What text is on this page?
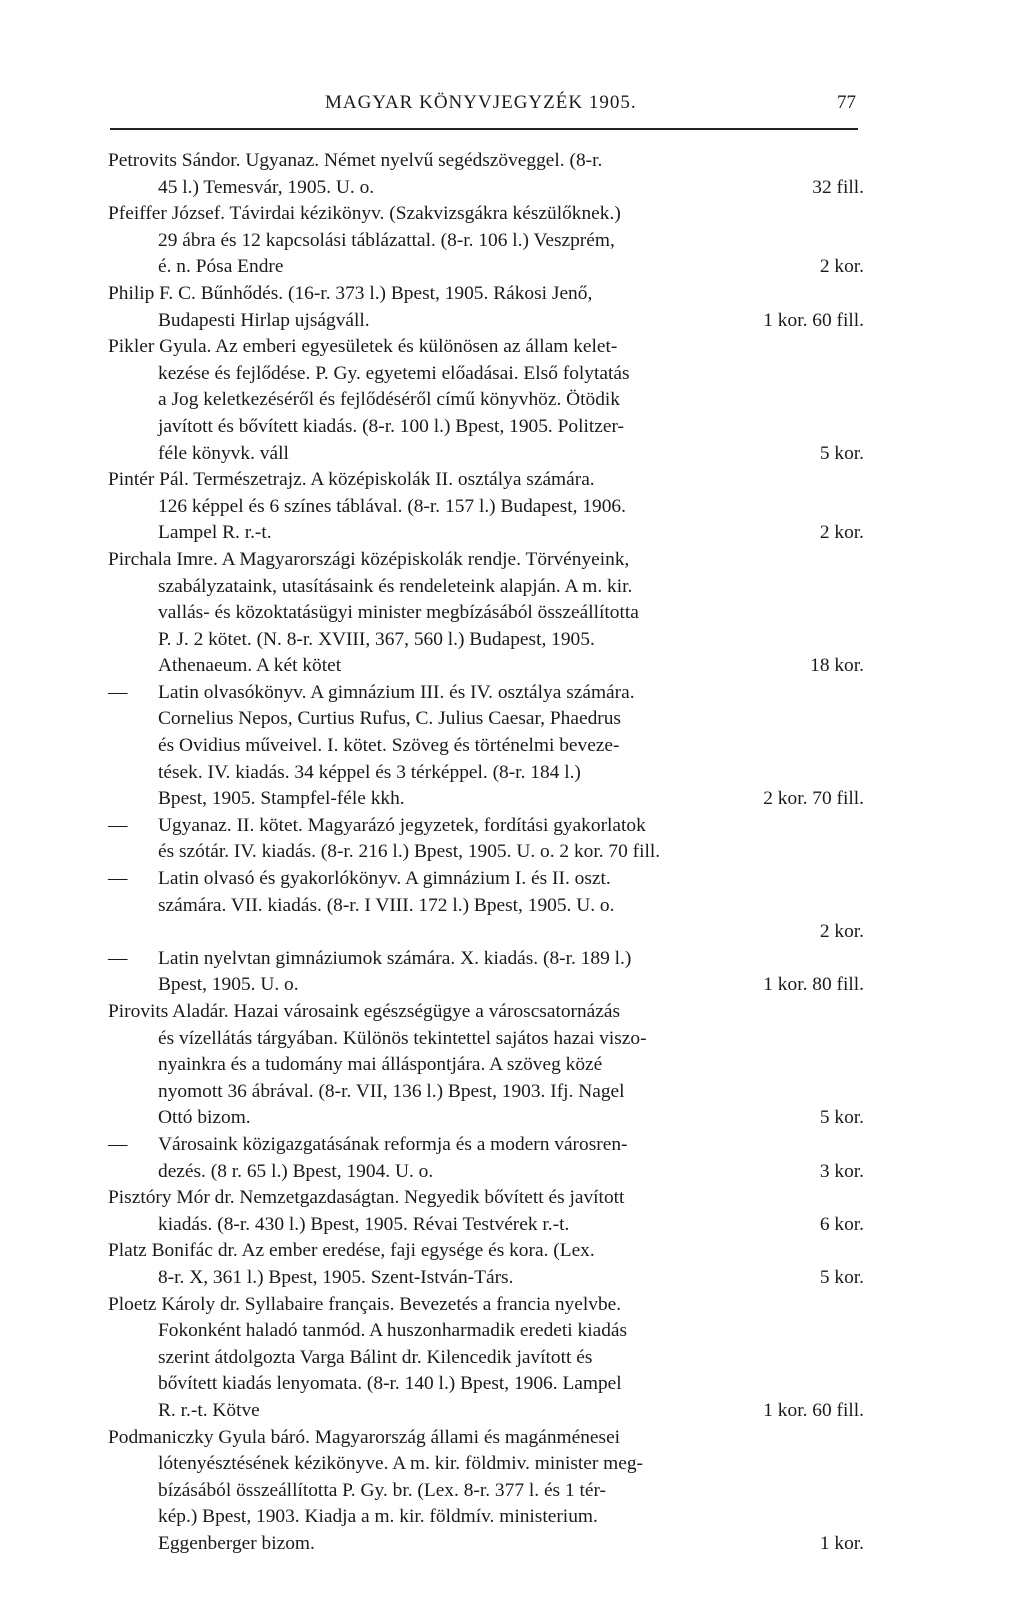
MAGYAR KÖNYVJEGYZÉK 1905.	77
Petrovits Sándor. Ugyanaz. Német nyelvű segédszöveggel. (8-r.
45 l.) Temesvár, 1905. U. o.	32 fill.
Pfeiffer József. Távirdai kézikönyv. (Szakvizsgákra készülőknek.)
29 ábra és 12 kapcsolási táblázattal. (8-r. 106 l.) Veszprém,
é. n. Pósa Endre	2 kor.
Philip F. C. Bűnhődés. (16-r. 373 l.) Bpest, 1905. Rákosi Jenő,
Budapesti Hirlap ujságváll.	1 kor. 60 fill.
Pikler Gyula. Az emberi egyesületek és különösen az állam kelet-
kezése és fejlődése. P. Gy. egyetemi előadásai. Első folytatás
a Jog keletkezéséről és fejlődéséről című könyvhöz. Ötödik
javított és bővített kiadás. (8-r. 100 l.) Bpest, 1905. Politzer-
féle könyvk. váll	5 kor.
Pintér Pál. Természetrajz. A középiskolák II. osztálya számára.
126 képpel és 6 színes táblával. (8-r. 157 l.) Budapest, 1906.
Lampel R. r.-t.	2 kor.
Pirchala Imre. A Magyarországi középiskolák rendje. Törvényeink,
szabályzataink, utasításaink és rendeleteink alapján. A m. kir.
vallás- és közoktatásügyi minister megbízásából összeállította
P. J. 2 kötet. (N. 8-r. XVIII, 367, 560 l.) Budapest, 1905.
Athenaeum. A két kötet	18 kor.
— Latin olvasókönyv. A gimnázium III. és IV. osztálya számára.
Cornelius Nepos, Curtius Rufus, C. Julius Caesar, Phaedrus
és Ovidius műveivel. I. kötet. Szöveg és történelmi beveze-
tések. IV. kiadás. 34 képpel és 3 térképpel. (8-r. 184 l.)
Bpest, 1905. Stampfel-féle kkh.	2 kor. 70 fill.
— Ugyanaz. II. kötet. Magyarázó jegyzetek, fordítási gyakorlatok
és szótár. IV. kiadás. (8-r. 216 l.) Bpest, 1905. U. o. 2 kor. 70 fill.
— Latin olvasó és gyakorlókönyv. A gimnázium I. és II. oszt.
számára. VII. kiadás. (8-r. I VIII. 172 l.) Bpest, 1905. U. o.
2 kor.
— Latin nyelvtan gimnáziumok számára. X. kiadás. (8-r. 189 l.)
Bpest, 1905. U. o.	1 kor. 80 fill.
Pirovits Aladár. Hazai városaink egészségügye a városcsatornázás
és vízellátás tárgyában. Különös tekintettel sajátos hazai viszo-
nyainkra és a tudomány mai álláspontjára. A szöveg közé
nyomott 36 ábrával. (8-r. VII, 136 l.) Bpest, 1903. Ifj. Nagel
Ottó bizom.	5 kor.
— Városaink közigazgatásának reformja és a modern városren-
dezés. (8 r. 65 l.) Bpest, 1904. U. o.	3 kor.
Pisztóry Mór dr. Nemzetgazdaságtan. Negyedik bővített és javított
kiadás. (8-r. 430 l.) Bpest, 1905. Révai Testvérek r.-t.	6 kor.
Platz Bonifác dr. Az ember eredése, faji egysége és kora. (Lex.
8-r. X, 361 l.) Bpest, 1905. Szent-István-Társ.	5 kor.
Ploetz Károly dr. Syllabaire français. Bevezetés a francia nyelvbe.
Fokonként haladó tanmód. A huszonharmadik eredeti kiadás
szerint átdolgozta Varga Bálint dr. Kilencedik javított és
bővített kiadás lenyomata. (8-r. 140 l.) Bpest, 1906. Lampel
R. r.-t. Kötve	1 kor. 60 fill.
Podmaniczky Gyula báró. Magyarország állami és magánménesei
lótenyésztésének kézikönyve. A m. kir. földmiv. minister meg-
bízásából összeállította P. Gy. br. (Lex. 8-r. 377 l. és 1 tér-
kép.) Bpest, 1903. Kiadja a m. kir. földmív. ministerium.
Eggenberger bizom.	1 kor.
